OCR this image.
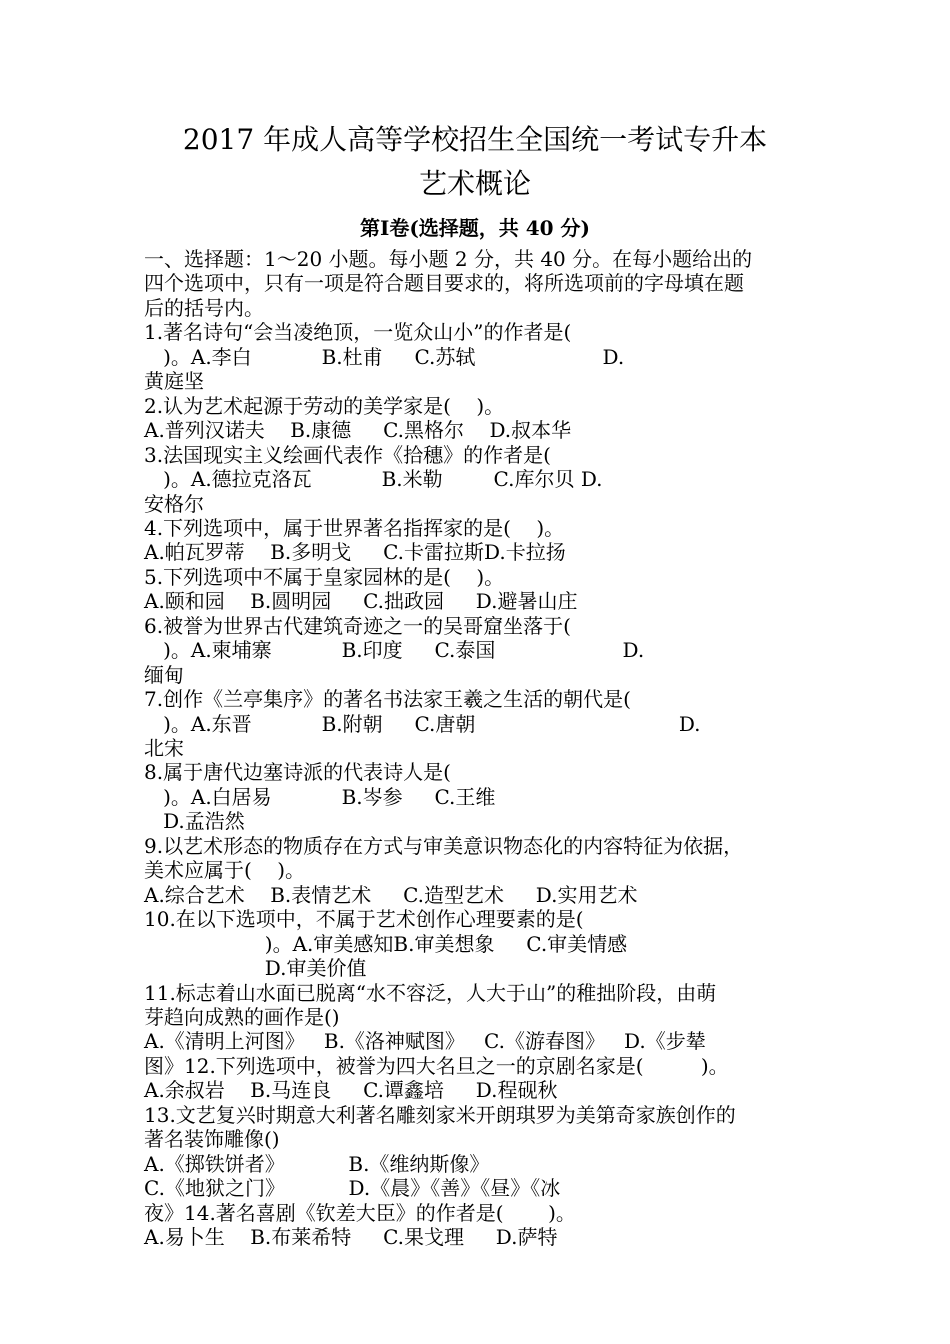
2017 年成人高等学校招生全国统一考试专升本
艺术概论
第Ⅰ卷(选择题，共 40 分)
一、选择题：1～20 小题。每小题 2 分，共 40 分。在每小题给出的
四个选项中，只有一项是符合题目要求的，将所选项前的字母填在题
后的括号内。
1.著名诗句“会当凌绝顶，一览众山小”的作者是(
)。A.李白           B.杜甫     C.苏轼                    D.
黄庭坚
2.认为艺术起源于劳动的美学家是(    )。
A.普列汉诺夫    B.康德     C.黑格尔    D.叔本华
3.法国现实主义绘画代表作《拾穗》的作者是(
)。A.德拉克洛瓦           B.米勒        C.库尔贝 D.
安格尔
4.下列选项中，属于世界著名指挥家的是(    )。
A.帕瓦罗蒂    B.多明戈     C.卡雷拉斯D.卡拉扬
5.下列选项中不属于皇家园林的是(    )。
A.颐和园    B.圆明园     C.拙政园     D.避暑山庄
6.被誉为世界古代建筑奇迹之一的吴哥窟坐落于(
)。A.柬埔寨           B.印度     C.泰国                    D.
缅甸
7.创作《兰亭集序》的著名书法家王羲之生活的朝代是(
)。A.东晋           B.附朝     C.唐朝                                D.
北宋
8.属于唐代边塞诗派的代表诗人是(
)。A.白居易           B.岑参     C.王维
D.孟浩然
9.以艺术形态的物质存在方式与审美意识物态化的内容特征为依据，
美术应属于(    )。
A.综合艺术    B.表情艺术     C.造型艺术     D.实用艺术
10.在以下选项中，不属于艺术创作心理要素的是(
)。A.审美感知B.审美想象     C.审美情感
D.审美价值
11.标志着山水面已脱离“水不容泛，人大于山”的稚拙阶段，由萌
芽趋向成熟的画作是()
A.《清明上河图》   B.《洛神赋图》   C.《游春图》   D.《步辇
图》12.下列选项中，被誉为四大名旦之一的京剧名家是(         )。
A.余叔岩    B.马连良     C.谭鑫培     D.程砚秋
13.文艺复兴时期意大利著名雕刻家米开朗琪罗为美第奇家族创作的
著名装饰雕像()
A.《掷铁饼者》          B.《维纳斯像》
C.《地狱之门》          D.《晨》《善》《昼》《冰
夜》14.著名喜剧《钦差大臣》的作者是(       )。
A.易卜生    B.布莱希特     C.果戈理     D.萨特
